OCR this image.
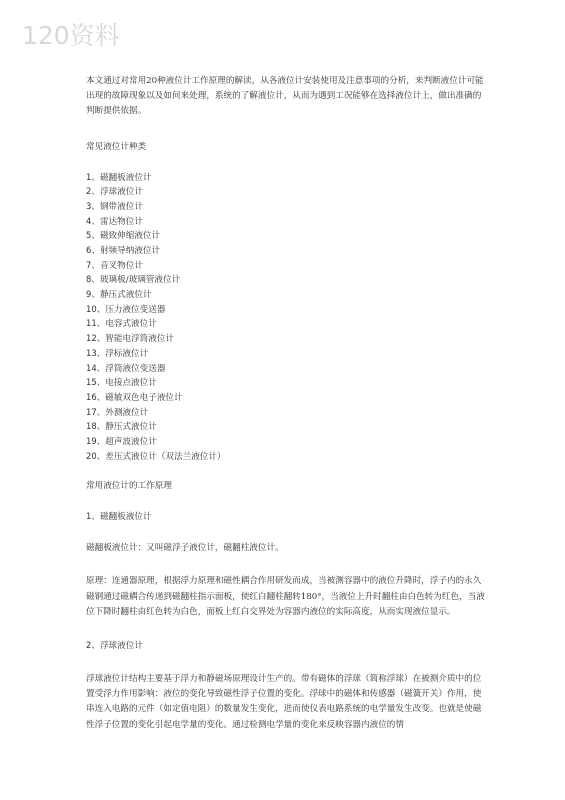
120资料

本文通过对常用20种液位计工作原理的解读，从各液位计安装使用及注意事项的分析，来判断液位计可能出现的故障现象以及如何来处理，系统的了解液位计，从而为遇到工况能够在选择液位计上，做出准确的判断提供依据。

常见液位计种类

1、磁翻板液位计
2、浮球液位计
3、钢带液位计
4、雷达物位计
5、磁致伸缩液位计
6、射频导纳液位计
7、音叉物位计
8、玻璃板/玻璃管液位计
9、静压式液位计
10、压力液位变送器
11、电容式液位计
12、智能电浮筒液位计
13、浮标液位计
14、浮筒液位变送器
15、电接点液位计
16、磁敏双色电子液位计
17、外测液位计
18、静压式液位计
19、超声波液位计
20、差压式液位计（双法兰液位计）

常用液位计的工作原理

1、磁翻板液位计

磁翻板液位计：又叫磁浮子液位计，磁翻柱液位计。

原理：连通器原理，根据浮力原理和磁性耦合作用研发而成，当被测容器中的液位升降时，浮子内的永久磁钢通过磁耦合传递到磁翻柱指示面板，使红白翻柱翻转180°，当液位上升时翻柱由白色转为红色，当液位下降时翻柱由红色转为白色，面板上红白交界处为容器内液位的实际高度，从而实现液位显示。

2、浮球液位计

浮球液位计结构主要基于浮力和静磁场原理设计生产的。带有磁体的浮球（简称浮球）在被测介质中的位置受浮力作用影响：液位的变化导致磁性浮子位置的变化。浮球中的磁体和传感器（磁簧开关）作用，使串连入电路的元件（如定值电阻）的数量发生变化，进而使仪表电路系统的电学量发生改变。也就是使磁性浮子位置的变化引起电学量的变化。通过检测电学量的变化来反映容器内液位的情
